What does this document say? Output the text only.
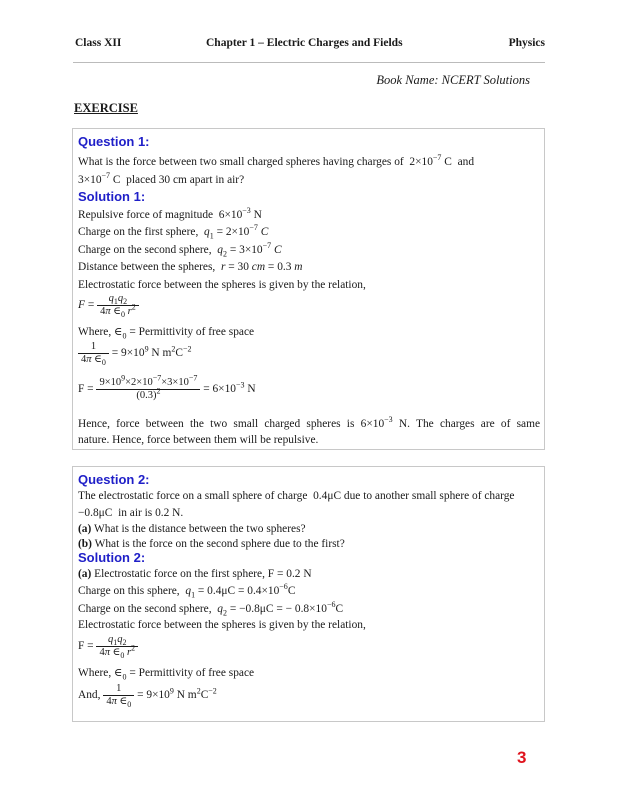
Class XII	Chapter 1 – Electric Charges and Fields	Physics
Book Name: NCERT Solutions
EXERCISE
Question 1:
What is the force between two small charged spheres having charges of  $2\times 10^{-7}$ C  and
$3\times 10^{-7}$ C  placed 30 cm apart in air?
Solution 1:
Repulsive force of magnitude  $6\times 10^{-3}$ N
Charge on the first sphere, $q_1 = 2\times 10^{-7}$ C
Charge on the second sphere, $q_2 = 3\times 10^{-7}$ C
Distance between the spheres, r = 30 cm = 0.3 m
Electrostatic force between the spheres is given by the relation,
$F = \frac{q_1q_2}{4\pi \in_0 r^2}$
Where, $\in_0$ = Permittivity of free space
$\frac{1}{4\pi \in_0} = 9\times 10^9$ N $m^2C^{-2}$
$F = \frac{9\times 10^9\times 2\times 10^{-7}\times 3\times 10^{-7}}{(0.3)^2} = 6\times 10^{-3}$ N
Hence, force between the two small charged spheres is $6\times 10^{-3}$ N. The charges are of same
nature. Hence, force between them will be repulsive.
Question 2:
The electrostatic force on a small sphere of charge  0.4μC due to another small sphere of charge
−0.8μC  in air is 0.2 N.
(a) What is the distance between the two spheres?
(b) What is the force on the second sphere due to the first?
Solution 2:
(a) Electrostatic force on the first sphere, F = 0.2 N
Charge on this sphere, $q_1 = 0.4\mu C = 0.4\times 10^{-6}C$
Charge on the second sphere, $q_2 = -0.8\mu C$ = − $0.8\times 10^{-6}C$
Electrostatic force between the spheres is given by the relation,
$F = \frac{q_1q_2}{4\pi \in_0 r^2}$
Where, $\in_0$ = Permittivity of free space
And, $\frac{1}{4\pi \in_0} = 9\times 10^9$ N $m^2C^{-2}$
3
